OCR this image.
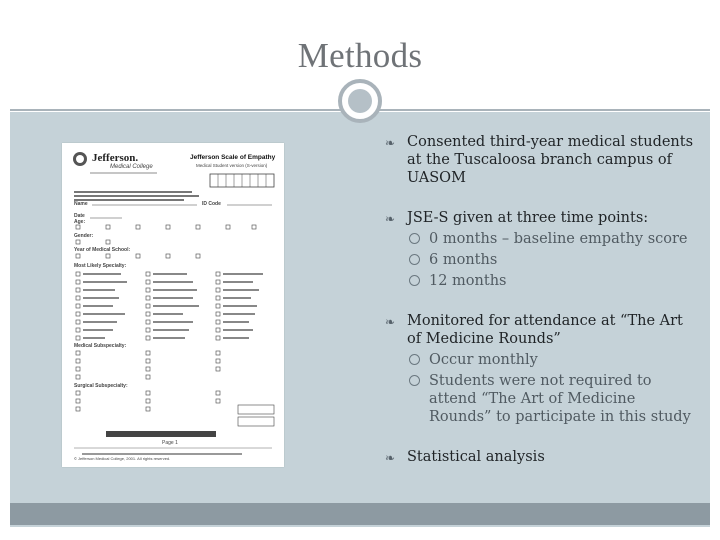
Methods
Jefferson.
Medical College
Jefferson Scale of Empathy
Medical Student version (S-version)
Name	ID Code
Date
Age:
Gender:
Year of Medical School:
Most Likely Specialty:
Medical Subspecialty:
Surgical Subspecialty:
Page 1
© Jefferson Medical College, 2001. All rights reserved.
❧ Consented third-year medical students at the Tuscaloosa branch campus of UASOM
❧ JSE-S given at three time points:
0 months – baseline empathy score
6 months
12 months
❧ Monitored for attendance at “The Art of Medicine Rounds”
Occur monthly
Students were not required to attend “The Art of Medicine Rounds” to participate in this study
❧ Statistical analysis
